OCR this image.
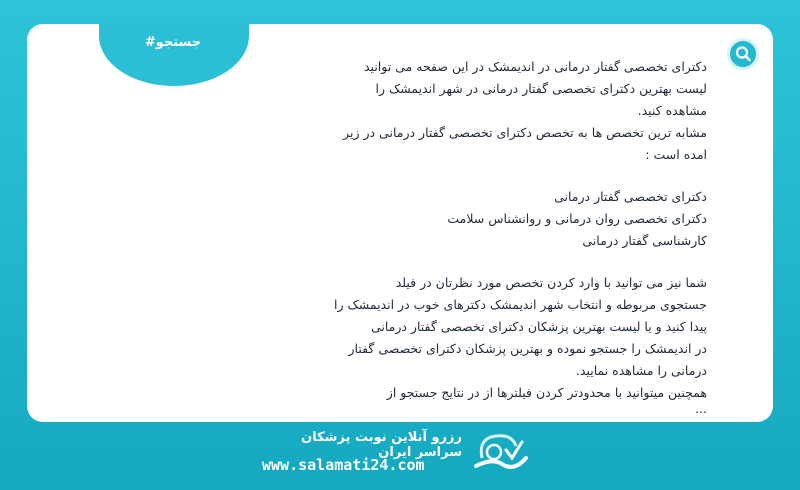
#جستجو

دکترای تخصصی گفتار درمانی در اندیمشک در این صفحه می توانید

لیست بهترین دکترای تخصصی گفتار درمانی در شهر اندیمشک را

مشاهده کنید.

مشابه ترین تخصص ها به تخصص دکترای تخصصی گفتار درمانی در زیر

امده است :

دکترای تخصصی گفتار درمانی

دکترای تخصصی روان درمانی و روانشناس سلامت

کارشناسی گفتار درمانی

شما نیز می توانید با وارد کردن تخصص مورد نظرتان در فیلد

جستجوی مربوطه و انتخاب شهر اندیمشک دکترهای خوب در اندیمشک را

پیدا کنید و یا لیست بهترین پزشکان دکترای تخصصی گفتار درمانی

در اندیمشک را جستجو نموده و بهترین پزشکان دکترای تخصصی گفتار

درمانی را مشاهده نمایید.

همچنین میتوانید با محدودتر کردن فیلترها از در نتایج جستجو از

...

رزرو آنلاین نوبت پزشکان سراسر ایران
www.salamati24.com
